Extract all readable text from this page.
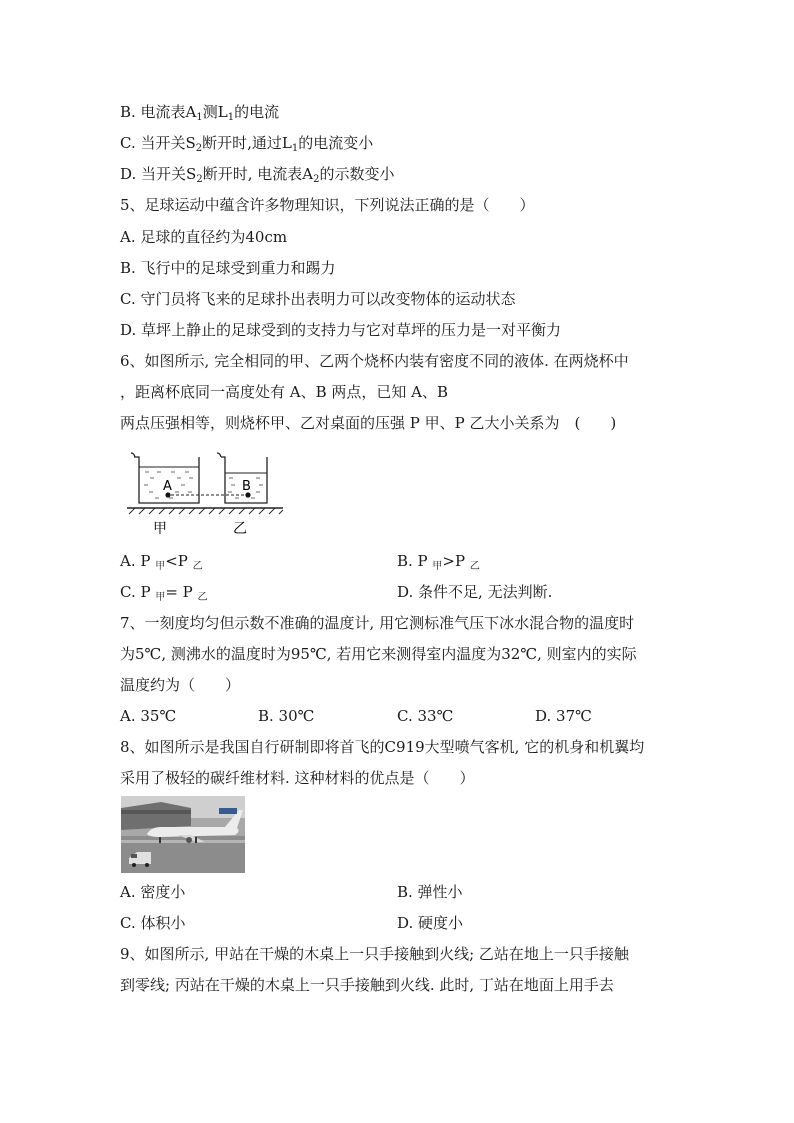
B. 电流表$A_1$测$L_1$的电流
C. 当开关$S_2$断开时,通过$L_1$的电流变小
D. 当开关$S_2$断开时, 电流表$A_2$的示数变小
5、足球运动中蕴含许多物理知识，下列说法正确的是（　　）
A. 足球的直径约为40cm
B. 飞行中的足球受到重力和踢力
C. 守门员将飞来的足球扑出表明力可以改变物体的运动状态
D. 草坪上静止的足球受到的支持力与它对草坪的压力是一对平衡力
6、如图所示, 完全相同的甲、乙两个烧杯内装有密度不同的液体. 在两烧杯中
，距离杯底同一高度处有 A、B 两点，已知 A、B
两点压强相等，则烧杯甲、乙对桌面的压强 P 甲、P 乙大小关系为　(　　)
A	B
甲	乙
A. P $_甲$<P $_乙$	B. P $_甲$>P $_乙$
C. P $_甲$= P $_乙$	D. 条件不足, 无法判断.
7、一刻度均匀但示数不准确的温度计, 用它测标准气压下冰水混合物的温度时
为5℃, 测沸水的温度时为95℃, 若用它来测得室内温度为32℃, 则室内的实际
温度约为（　　）
A. 35℃	B. 30℃	C. 33℃	D. 37℃
8、如图所示是我国自行研制即将首飞的C919大型喷气客机, 它的机身和机翼均
采用了极轻的碳纤维材料. 这种材料的优点是（　　）
A. 密度小	B. 弹性小
C. 体积小	D. 硬度小
9、如图所示, 甲站在干燥的木桌上一只手接触到火线; 乙站在地上一只手接触
到零线; 丙站在干燥的木桌上一只手接触到火线. 此时, 丁站在地面上用手去
